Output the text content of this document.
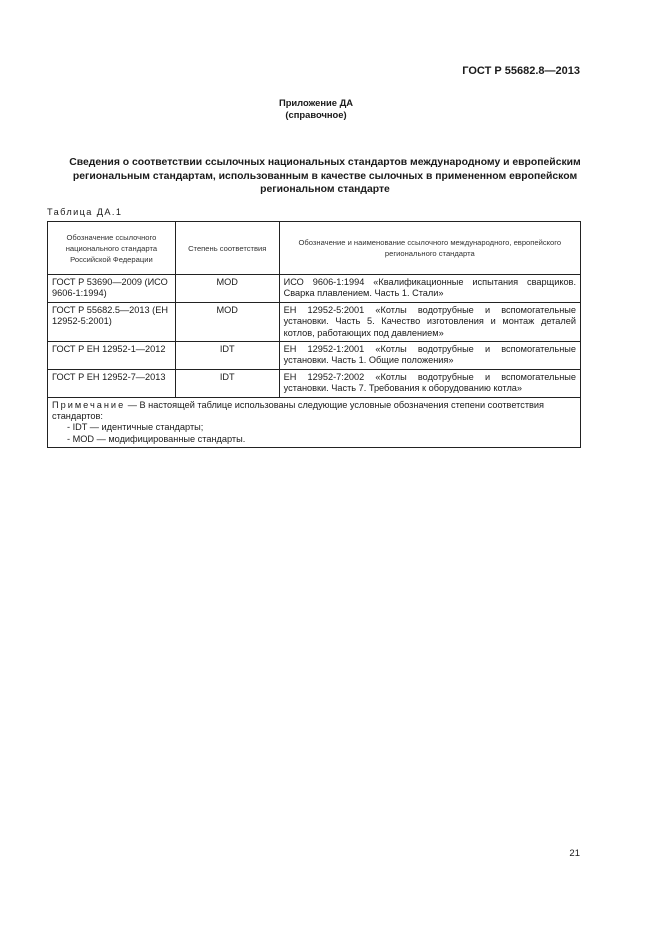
ГОСТ Р 55682.8—2013
Приложение ДА
(справочное)
Сведения о соответствии ссылочных национальных стандартов международному и европейским региональным стандартам, использованным в качестве сылочных в примененном европейском региональном стандарте
Таблица ДА.1
Обозначение ссылочного национального стандарта Российской Федерации	Степень соответствия	Обозначение и наименование ссылочного международного, европейского регионального стандарта
ГОСТ Р 53690—2009 (ИСО 9606-1:1994)	MOD	ИСО 9606-1:1994 «Квалификационные испытания сварщиков. Сварка плавлением. Часть 1. Стали»
ГОСТ Р 55682.5—2013 (ЕН 12952-5:2001)	MOD	ЕН 12952-5:2001 «Котлы водотрубные и вспомогательные установки. Часть 5. Качество изготовления и монтаж деталей котлов, работающих под давлением»
ГОСТ Р ЕН 12952-1—2012	IDT	ЕН 12952-1:2001 «Котлы водотрубные и вспомогательные установки. Часть 1. Общие положения»
ГОСТ Р ЕН 12952-7—2013	IDT	ЕН 12952-7:2002 «Котлы водотрубные и вспомогательные установки. Часть 7. Требования к оборудованию котла»

Примечание — В настоящей таблице использованы следующие условные обозначения степени соответствия стандартов:
- IDT — идентичные стандарты;
- MOD — модифицированные стандарты.		
21
